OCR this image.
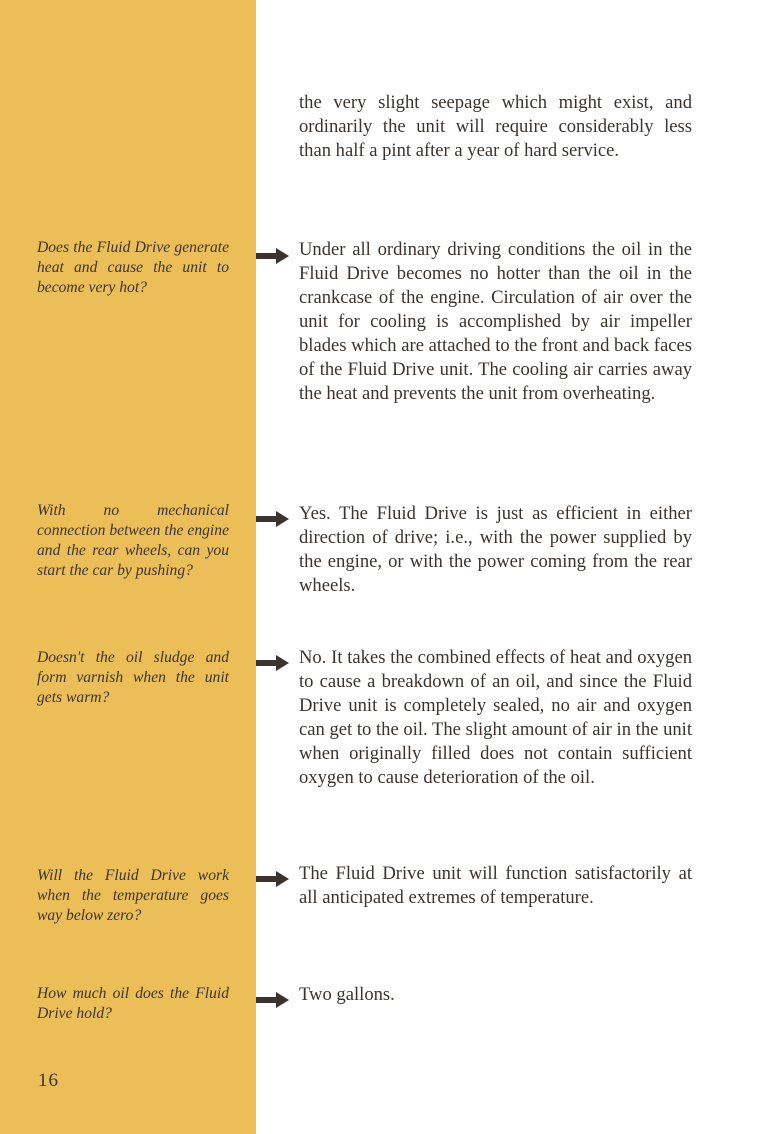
the very slight seepage which might exist, and ordinarily the unit will require considerably less than half a pint after a year of hard service.

Does the Fluid Drive generate heat and cause the unit to become very hot?

Under all ordinary driving conditions the oil in the Fluid Drive becomes no hotter than the oil in the crankcase of the engine. Circulation of air over the unit for cooling is accomplished by air impeller blades which are attached to the front and back faces of the Fluid Drive unit. The cooling air carries away the heat and prevents the unit from overheating.

With no mechanical connection between the engine and the rear wheels, can you start the car by pushing?

Yes. The Fluid Drive is just as efficient in either direction of drive; i.e., with the power supplied by the engine, or with the power coming from the rear wheels.

Doesn't the oil sludge and form varnish when the unit gets warm?

No. It takes the combined effects of heat and oxygen to cause a breakdown of an oil, and since the Fluid Drive unit is completely sealed, no air and oxygen can get to the oil. The slight amount of air in the unit when originally filled does not contain sufficient oxygen to cause deterioration of the oil.

Will the Fluid Drive work when the temperature goes way below zero?

The Fluid Drive unit will function satisfactorily at all anticipated extremes of temperature.

How much oil does the Fluid Drive hold?

Two gallons.

16
